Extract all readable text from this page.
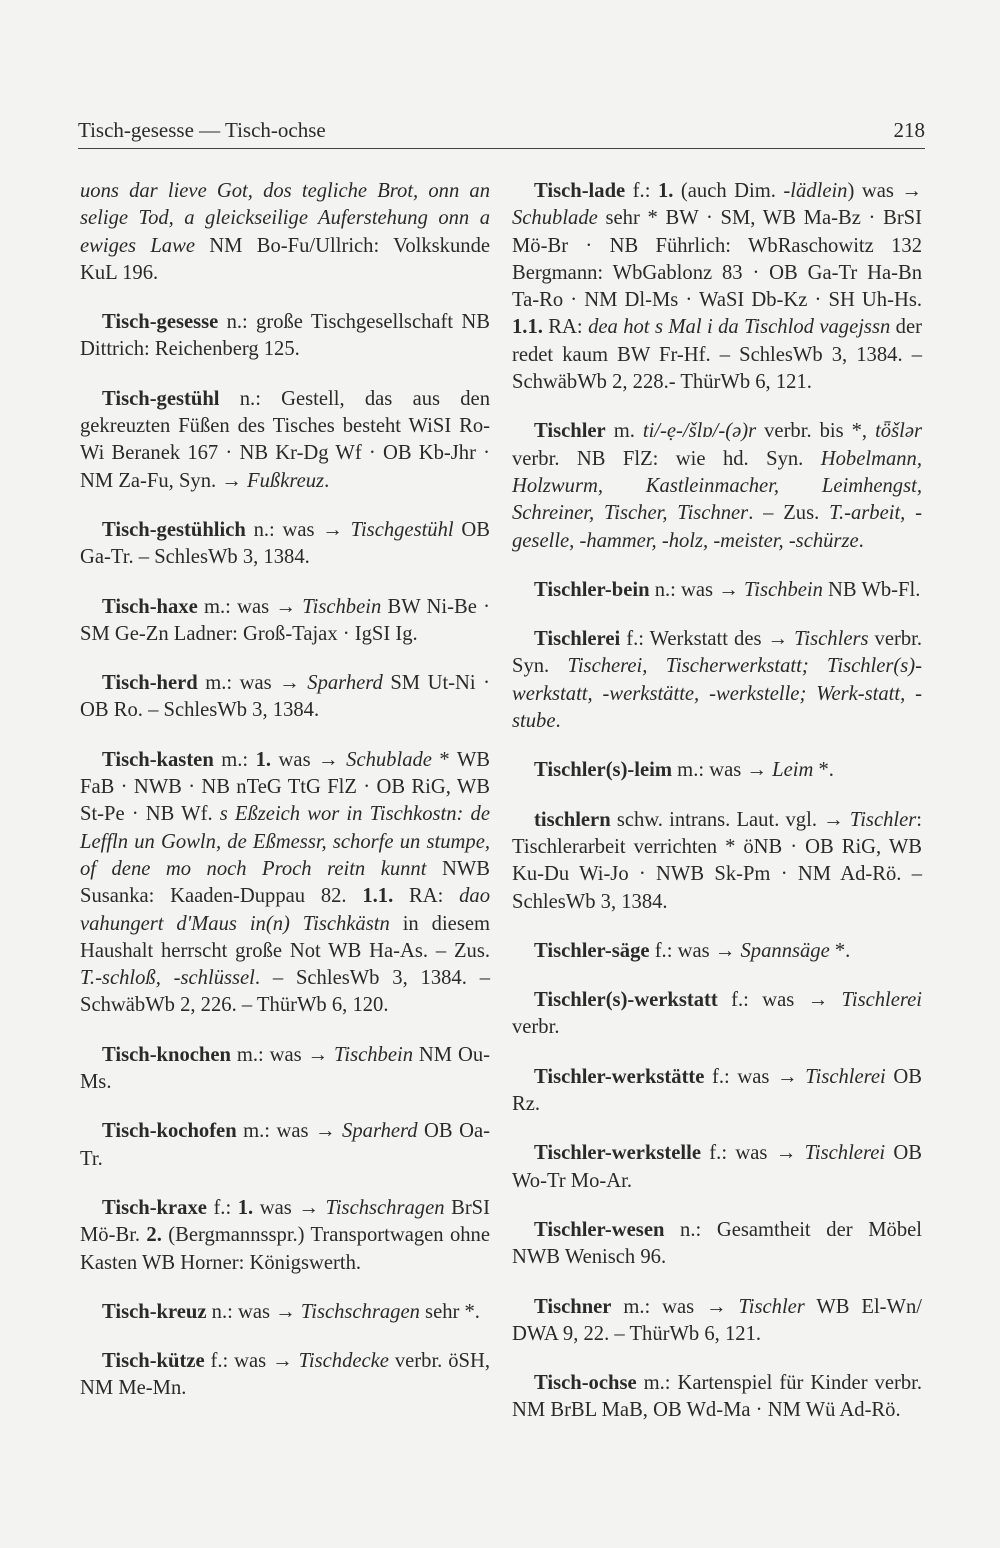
Tisch-gesesse — Tisch-ochse	218

uons dar lieve Got, dos tegliche Brot, onn an selige Tod, a gleickseilige Auferstehung onn a ewiges Lawe NM Bo-Fu/Ullrich: Volkskunde KuL 196.

Tisch-gesesse n.: große Tischgesellschaft NB Dittrich: Reichenberg 125.

Tisch-gestühl n.: Gestell, das aus den gekreuzten Füßen des Tisches besteht WiSI Ro-Wi Beranek 167 · NB Kr-Dg Wf · OB Kb-Jhr · NM Za-Fu, Syn. → Fußkreuz.

Tisch-gestühlich n.: was → Tischgestühl OB Ga-Tr. – SchlesWb 3, 1384.

Tisch-haxe m.: was → Tischbein BW Ni-Be · SM Ge-Zn Ladner: Groß-Tajax · IgSI Ig.

Tisch-herd m.: was → Sparherd SM Ut-Ni · OB Ro. – SchlesWb 3, 1384.

Tisch-kasten m.: 1. was → Schublade * WB FaB · NWB · NB nTeG TtG FlZ · OB RiG, WB St-Pe · NB Wf. s Eßzeich wor in Tischkostn: de Leffln un Gowln, de Eßmessr, schorfe un stumpe, of dene mo noch Proch reitn kunnt NWB Susanka: Kaaden-Duppau 82. 1.1. RA: dao vahungert d'Maus in(n) Tischkästn in diesem Haushalt herrscht große Not WB Ha-As. – Zus. T.-schloß, -schlüssel. – SchlesWb 3, 1384. – SchwäbWb 2, 226. – ThürWb 6, 120.

Tisch-knochen m.: was → Tischbein NM Ou-Ms.

Tisch-kochofen m.: was → Sparherd OB Oa-Tr.

Tisch-kraxe f.: 1. was → Tischschragen BrSI Mö-Br. 2. (Bergmannsspr.) Transportwagen ohne Kasten WB Horner: Königswerth.

Tisch-kreuz n.: was → Tischschragen sehr *.

Tisch-kütze f.: was → Tischdecke verbr. öSH, NM Me-Mn.

Tisch-lade f.: 1. (auch Dim. -lädlein) was → Schublade sehr * BW · SM, WB Ma-Bz · BrSI Mö-Br · NB Führlich: WbRaschowitz 132 Bergmann: WbGablonz 83 · OB Ga-Tr Ha-Bn Ta-Ro · NM Dl-Ms · WaSI Db-Kz · SH Uh-Hs. 1.1. RA: dea hot s Mal i da Tischlod vagejssn der redet kaum BW Fr-Hf. – SchlesWb 3, 1384. – SchwäbWb 2, 228.- ThürWb 6, 121.

Tischler m. ti/-ẹ-/šlɒ/-(ə)r verbr. bis *, tȫšlər verbr. NB FlZ: wie hd. Syn. Hobelmann, Holzwurm, Kastleinmacher, Leimhengst, Schreiner, Tischer, Tischner. – Zus. T.-arbeit, -geselle, -hammer, -holz, -meister, -schürze.

Tischler-bein n.: was → Tischbein NB Wb-Fl.

Tischlerei f.: Werkstatt des → Tischlers verbr. Syn. Tischerei, Tischerwerkstatt; Tischler(s)-werkstatt, -werkstätte, -werkstelle; Werk-statt, -stube.

Tischler(s)-leim m.: was → Leim *.

tischlern schw. intrans. Laut. vgl. → Tischler: Tischlerarbeit verrichten * öNB · OB RiG, WB Ku-Du Wi-Jo · NWB Sk-Pm · NM Ad-Rö. – SchlesWb 3, 1384.

Tischler-säge f.: was → Spannsäge *.

Tischler(s)-werkstatt f.: was → Tischlerei verbr.

Tischler-werkstätte f.: was → Tischlerei OB Rz.

Tischler-werkstelle f.: was → Tischlerei OB Wo-Tr Mo-Ar.

Tischler-wesen n.: Gesamtheit der Möbel NWB Wenisch 96.

Tischner m.: was → Tischler WB El-Wn/ DWA 9, 22. – ThürWb 6, 121.

Tisch-ochse m.: Kartenspiel für Kinder verbr. NM BrBL MaB, OB Wd-Ma · NM Wü Ad-Rö.
